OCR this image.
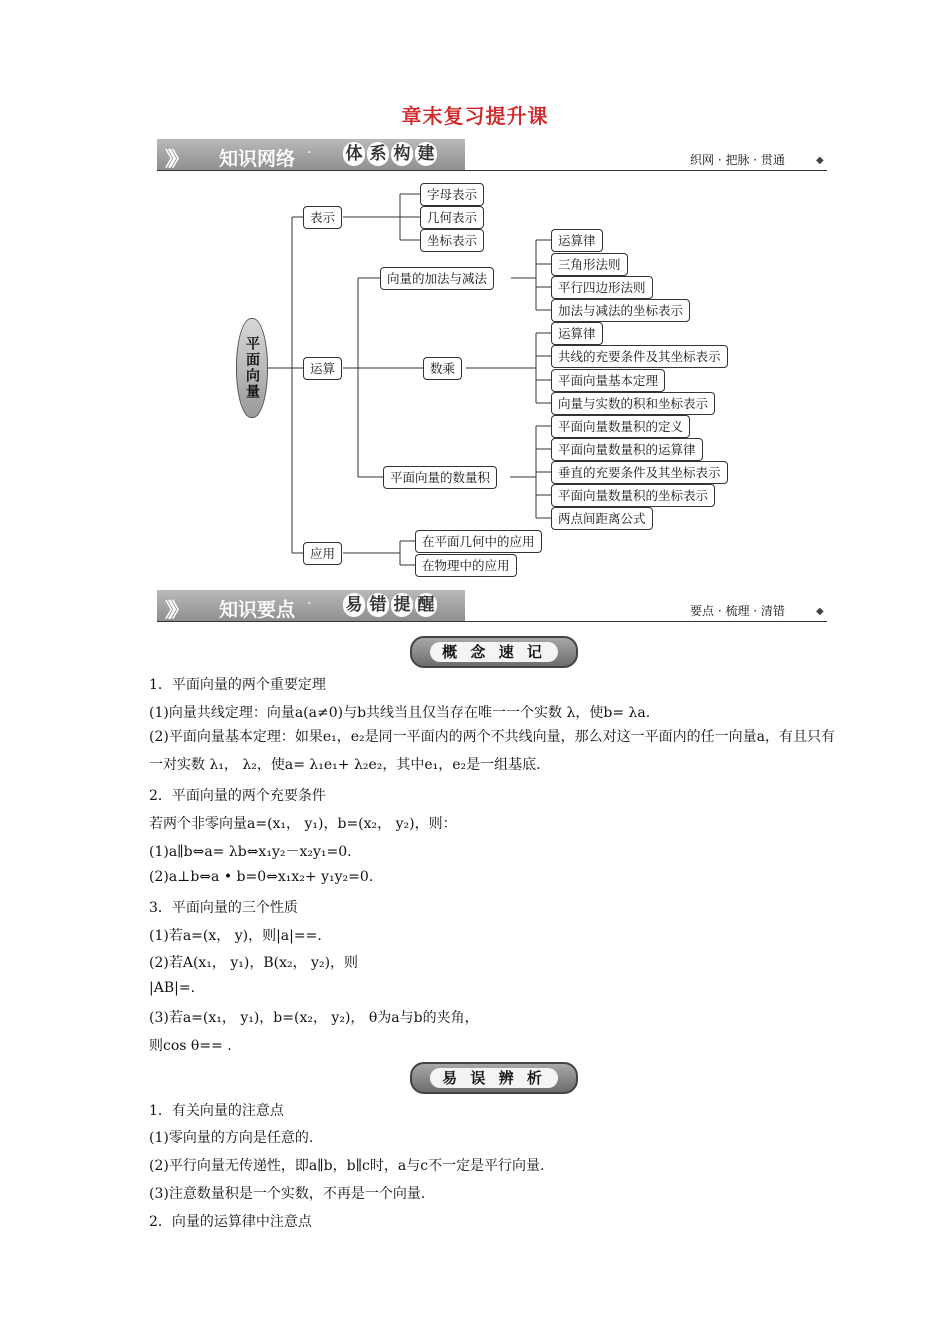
章末复习提升课
》》 知识网络 · 体 系 构 建	织网 · 把脉 · 贯通	◆
平面向量
表示
运算
应用
字母表示
几何表示
坐标表示
向量的加法与减法
数乘
平面向量的数量积
运算律
三角形法则
平行四边形法则
加法与减法的坐标表示
运算律
共线的充要条件及其坐标表示
平面向量基本定理
向量与实数的积和坐标表示
平面向量数量积的定义
平面向量数量积的运算律
垂直的充要条件及其坐标表示
平面向量数量积的坐标表示
两点间距离公式
在平面几何中的应用
在物理中的应用
》》 知识要点 · 易 错 提 醒	要点 · 梳理 · 清错	◆
概 念 速 记
1．平面向量的两个重要定理
(1)向量共线定理：向量a(a≠0)与b共线当且仅当存在唯一一个实数 λ，使b= λa.
(2)平面向量基本定理：如果e₁，e₂是同一平面内的两个不共线向量，那么对这一平面内的任一向量a，有且只有一对实数 λ₁， λ₂，使a= λ₁e₁+ λ₂e₂，其中e₁，e₂是一组基底.
2．平面向量的两个充要条件
若两个非零向量a=(x₁， y₁)，b=(x₂， y₂)，则：
(1)a∥b⇔a= λb⇔x₁y₂－x₂y₁=0.
(2)a⊥b⇔a • b=0⇔x₁x₂+ y₁y₂=0.
3．平面向量的三个性质
(1)若a=(x， y)，则|a|==.
(2)若A(x₁， y₁)，B(x₂， y₂)，则
|AB|=.
(3)若a=(x₁， y₁)，b=(x₂， y₂)， θ为a与b的夹角，
则cos θ== .
易 误 辨 析
1．有关向量的注意点
(1)零向量的方向是任意的.
(2)平行向量无传递性，即a∥b，b∥c时，a与c不一定是平行向量.
(3)注意数量积是一个实数，不再是一个向量.
2．向量的运算律中注意点
